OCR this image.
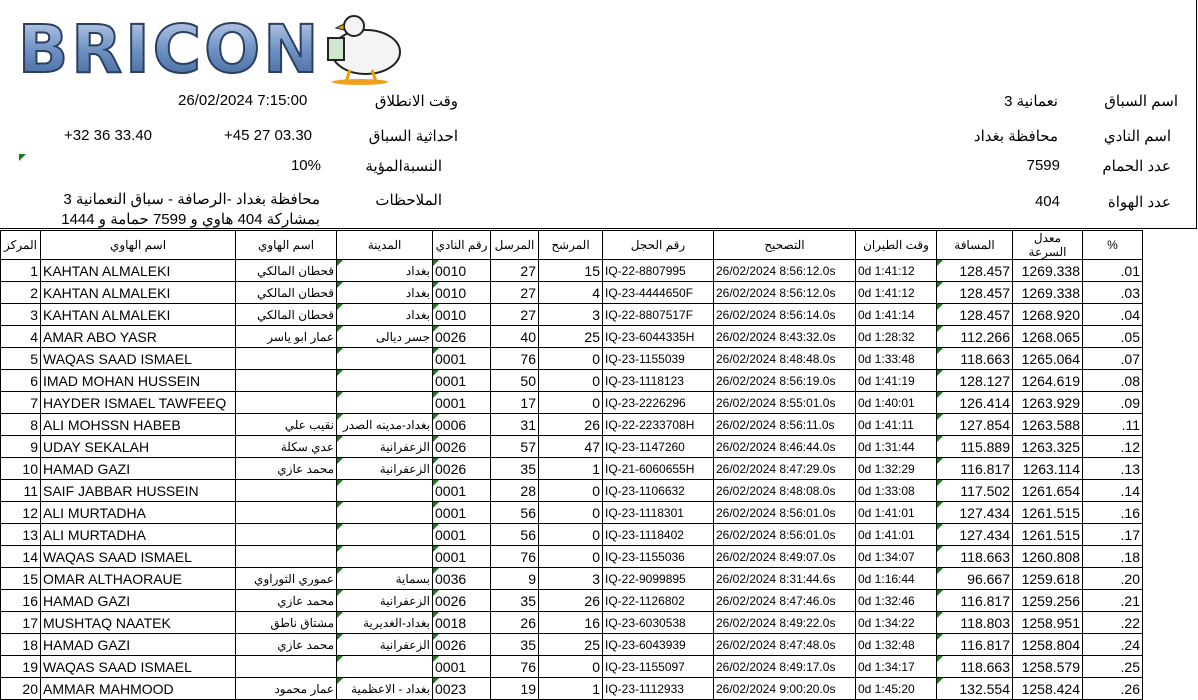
BRICON
اسم السباق
نعمانية 3
وقت الانطلاق
26/02/2024 7:15:00
اسم النادي
محافظة بغداد
احداثية السباق
+45 27 03.30
+32 36 33.40
عدد الحمام
7599
النسبةالمؤية
10%
عدد الهواة
404
الملاحظات
محافظة بغداد -الرصافة - سباق النعمانية 3 بمشاركة 404 هاوي و 7599 حمامة و 1444
المركز	اسم الهاوي	اسم الهاوي	المدينة	رقم النادي	المرسل	المرشح	رقم الحجل	التصحيح	وقت الطيران	المسافة	معدل السرعة	%
1	KAHTAN ALMALEKI	قحطان المالكي	بغداد	0010	27	15	IQ-22-8807995	26/02/2024 8:56:12.0s	0d 1:41:12	128.457	1269.338	.01
2	KAHTAN ALMALEKI	قحطان المالكي	بغداد	0010	27	4	IQ-23-4444650F	26/02/2024 8:56:12.0s	0d 1:41:12	128.457	1269.338	.03
3	KAHTAN ALMALEKI	قحطان المالكي	بغداد	0010	27	3	IQ-22-8807517F	26/02/2024 8:56:14.0s	0d 1:41:14	128.457	1268.920	.04
4	AMAR ABO YASR	عمار ابو ياسر	جسر ديالى	0026	40	25	IQ-23-6044335H	26/02/2024 8:43:32.0s	0d 1:28:32	112.266	1268.065	.05
5	WAQAS SAAD ISMAEL			0001	76	0	IQ-23-1155039	26/02/2024 8:48:48.0s	0d 1:33:48	118.663	1265.064	.07
6	IMAD MOHAN HUSSEIN			0001	50	0	IQ-23-1118123	26/02/2024 8:56:19.0s	0d 1:41:19	128.127	1264.619	.08
7	HAYDER ISMAEL TAWFEEQ			0001	17	0	IQ-23-2226296	26/02/2024 8:55:01.0s	0d 1:40:01	126.414	1263.929	.09
8	ALI MOHSSN HABEB	نقيب علي	بغداد-مدينه الصدر	0006	31	26	IQ-22-2233708H	26/02/2024 8:56:11.0s	0d 1:41:11	127.854	1263.588	.11
9	UDAY SEKALAH	عدي سكلة	الزعفرانية	0026	57	47	IQ-23-1147260	26/02/2024 8:46:44.0s	0d 1:31:44	115.889	1263.325	.12
10	HAMAD GAZI	محمد عازي	الزعفرانية	0026	35	1	IQ-21-6060655H	26/02/2024 8:47:29.0s	0d 1:32:29	116.817	1263.114	.13
11	SAIF JABBAR HUSSEIN			0001	28	0	IQ-23-1106632	26/02/2024 8:48:08.0s	0d 1:33:08	117.502	1261.654	.14
12	ALI MURTADHA			0001	56	0	IQ-23-1118301	26/02/2024 8:56:01.0s	0d 1:41:01	127.434	1261.515	.16
13	ALI MURTADHA			0001	56	0	IQ-23-1118402	26/02/2024 8:56:01.0s	0d 1:41:01	127.434	1261.515	.17
14	WAQAS SAAD ISMAEL			0001	76	0	IQ-23-1155036	26/02/2024 8:49:07.0s	0d 1:34:07	118.663	1260.808	.18
15	OMAR ALTHAORAUE	عموري الثوراوي	بسماية	0036	9	3	IQ-22-9099895	26/02/2024 8:31:44.6s	0d 1:16:44	96.667	1259.618	.20
16	HAMAD GAZI	محمد عازي	الزعفرانية	0026	35	26	IQ-22-1126802	26/02/2024 8:47:46.0s	0d 1:32:46	116.817	1259.256	.21
17	MUSHTAQ NAATEK	مشتاق ناطق	بغداد-الغديرية	0018	26	16	IQ-23-6030538	26/02/2024 8:49:22.0s	0d 1:34:22	118.803	1258.951	.22
18	HAMAD GAZI	محمد عازي	الزعفرانية	0026	35	25	IQ-23-6043939	26/02/2024 8:47:48.0s	0d 1:32:48	116.817	1258.804	.24
19	WAQAS SAAD ISMAEL			0001	76	0	IQ-23-1155097	26/02/2024 8:49:17.0s	0d 1:34:17	118.663	1258.579	.25
20	AMMAR MAHMOOD	عمار محمود	بغداد - الاعظمية	0023	19	1	IQ-23-1112933	26/02/2024 9:00:20.0s	0d 1:45:20	132.554	1258.424	.26
